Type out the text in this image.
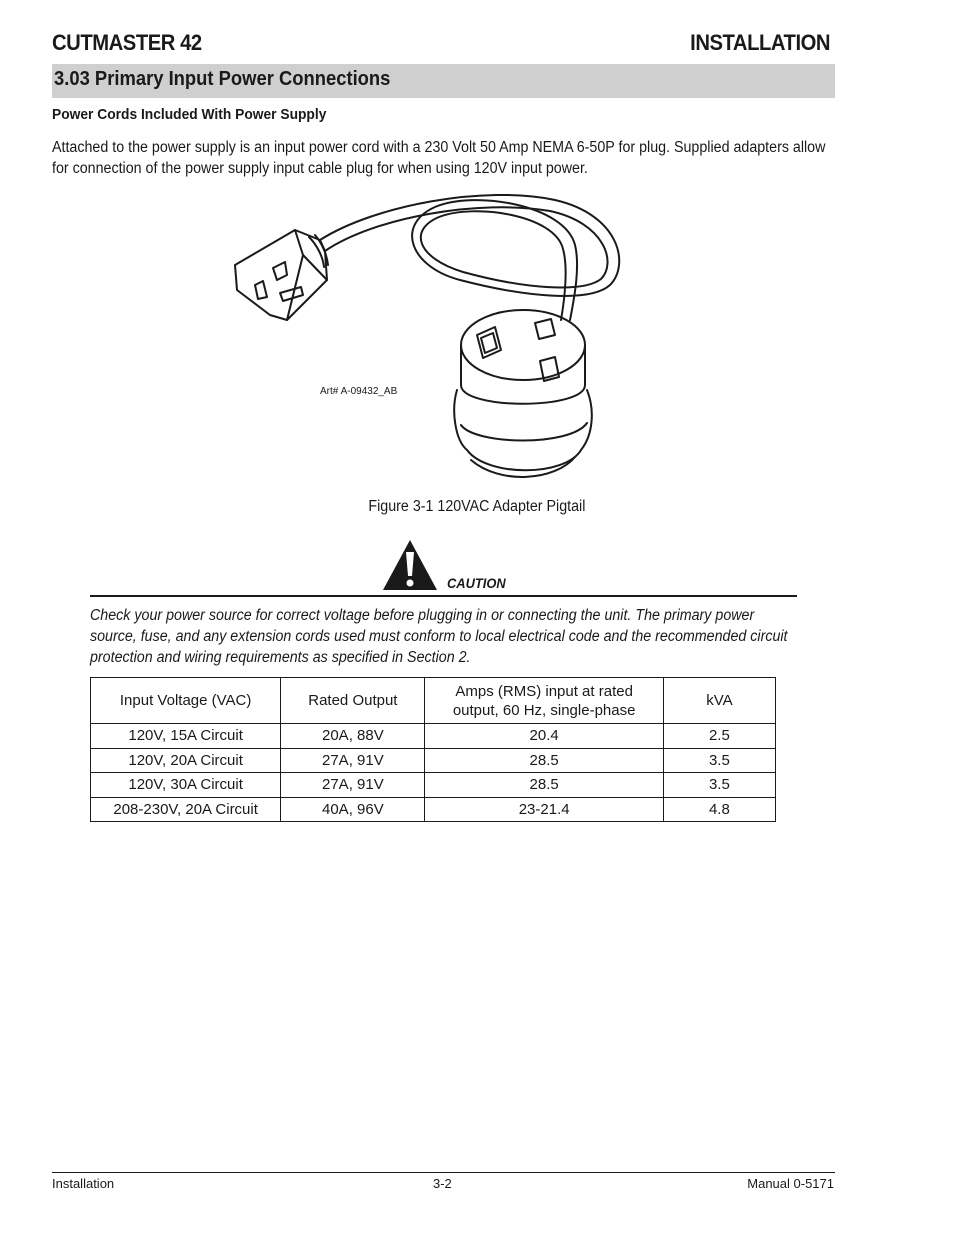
CUTMASTER 42	INSTALLATION
3.03 Primary Input Power Connections
Power Cords Included With Power Supply
Attached to the power supply is an input power cord with a 230 Volt 50 Amp NEMA 6-50P for plug. Supplied adapters allow for connection of the power supply input cable plug for when using 120V input power.
Art# A-09432_AB
Figure 3-1 120VAC Adapter Pigtail
CAUTION
Check your power source for correct voltage before plugging in or connecting the unit. The primary power source, fuse, and any extension cords used must conform to local electrical code and the recommended circuit protection and wiring requirements as specified in Section 2.
Input Voltage (VAC)	Rated Output	Amps (RMS) input at rated output, 60 Hz, single-phase	kVA
120V, 15A Circuit	20A, 88V	20.4	2.5
120V, 20A Circuit	27A, 91V	28.5	3.5
120V, 30A Circuit	27A, 91V	28.5	3.5
208-230V, 20A Circuit	40A, 96V	23-21.4	4.8
Installation	3-2	Manual 0-5171
